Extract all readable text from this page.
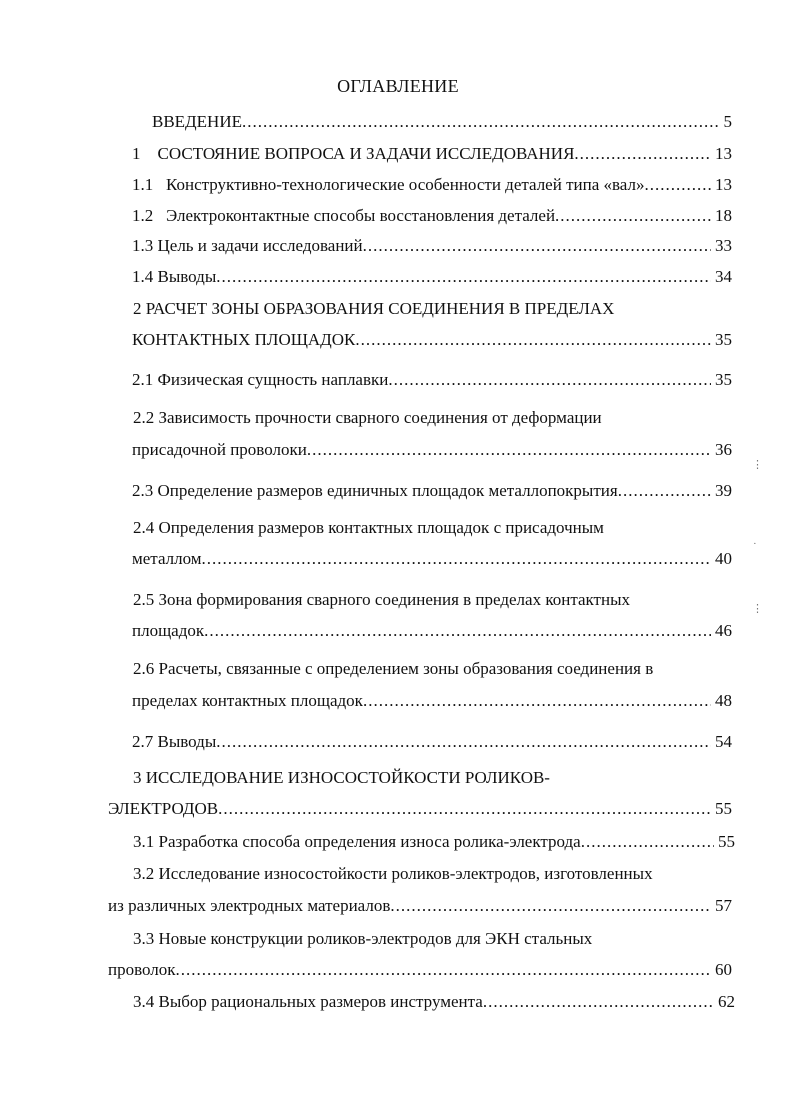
ОГЛАВЛЕНИЕ
ВВЕДЕНИЕ .....	5
1    СОСТОЯНИЕ ВОПРОСА И ЗАДАЧИ ИССЛЕДОВАНИЯ .....	13
1.1   Конструктивно-технологические особенности деталей типа «вал» .....	13
1.2   Электроконтактные способы восстановления деталей .....	18
1.3 Цель и задачи исследований .....	33
1.4 Выводы .....	34
2 РАСЧЕТ ЗОНЫ ОБРАЗОВАНИЯ СОЕДИНЕНИЯ В ПРЕДЕЛАХ
КОНТАКТНЫХ ПЛОЩАДОК .....	35
2.1 Физическая сущность наплавки .....	35
2.2 Зависимость прочности сварного соединения от деформации
присадочной проволоки .....	36
2.3 Определение размеров единичных площадок металлопокрытия .....	39
2.4 Определения размеров контактных площадок с присадочным
металлом .....	40
2.5 Зона формирования сварного соединения в пределах контактных
площадок .....	46
2.6 Расчеты, связанные с определением зоны образования соединения в
пределах контактных площадок .....	48
2.7 Выводы .....	54
3 ИССЛЕДОВАНИЕ ИЗНОСОСТОЙКОСТИ РОЛИКОВ-
ЭЛЕКТРОДОВ .....	55
3.1 Разработка способа определения износа ролика-электрода .....	55
3.2 Исследование износостойкости роликов-электродов, изготовленных
из различных электродных материалов .....	57
3.3 Новые конструкции роликов-электродов для ЭКН стальных
проволок .....	60
3.4 Выбор рациональных размеров инструмента .....	62
⋮
·
⋮
